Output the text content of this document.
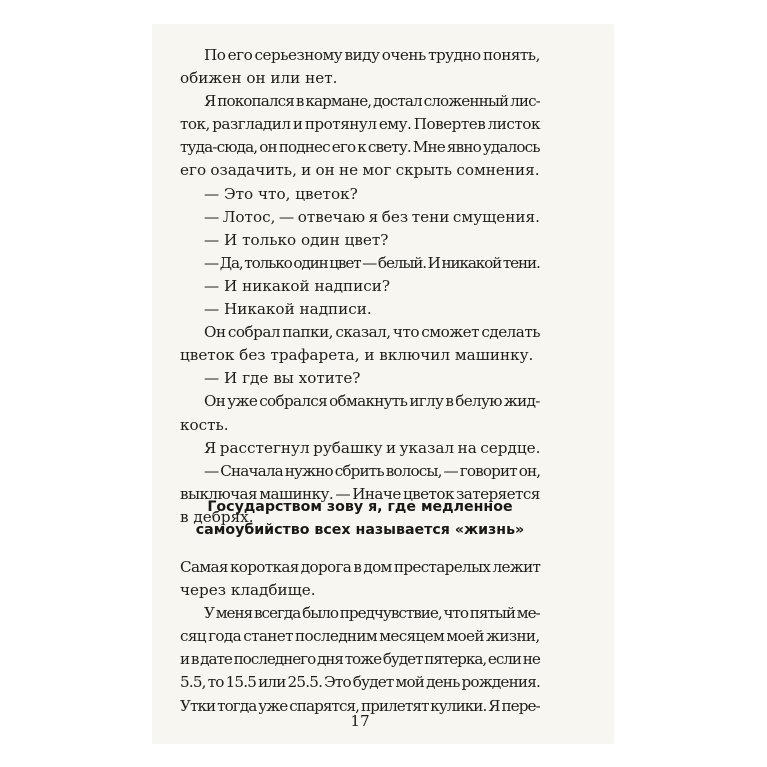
По его серьезному виду очень трудно понять,
обижен он или нет.
Я покопался в кармане, достал сложенный лис-
ток, разгладил и протянул ему. Повертев листок
туда-сюда, он поднес его к свету. Мне явно удалось
его озадачить, и он не мог скрыть сомнения.
— Это что, цветок?
— Лотос, — отвечаю я без тени смущения.
— И только один цвет?
— Да, только один цвет — белый. И никакой тени.
— И никакой надписи?
— Никакой надписи.
Он собрал папки, сказал, что сможет сделать
цветок без трафарета, и включил машинку.
— И где вы хотите?
Он уже собрался обмакнуть иглу в белую жид-
кость.
Я расстегнул рубашку и указал на сердце.
— Сначала нужно сбрить волосы, — говорит он,
выключая машинку. — Иначе цветок затеряется
в дебрях.
Государством зову я, где медленное
самоубийство всех называется «жизнь»
Самая короткая дорога в дом престарелых лежит
через кладбище.
У меня всегда было предчувствие, что пятый ме-
сяц года станет последним месяцем моей жизни,
и в дате последнего дня тоже будет пятерка, если не
5.5, то 15.5 или 25.5. Это будет мой день рождения.
Утки тогда уже спарятся, прилетят кулики. Я пере-
17
